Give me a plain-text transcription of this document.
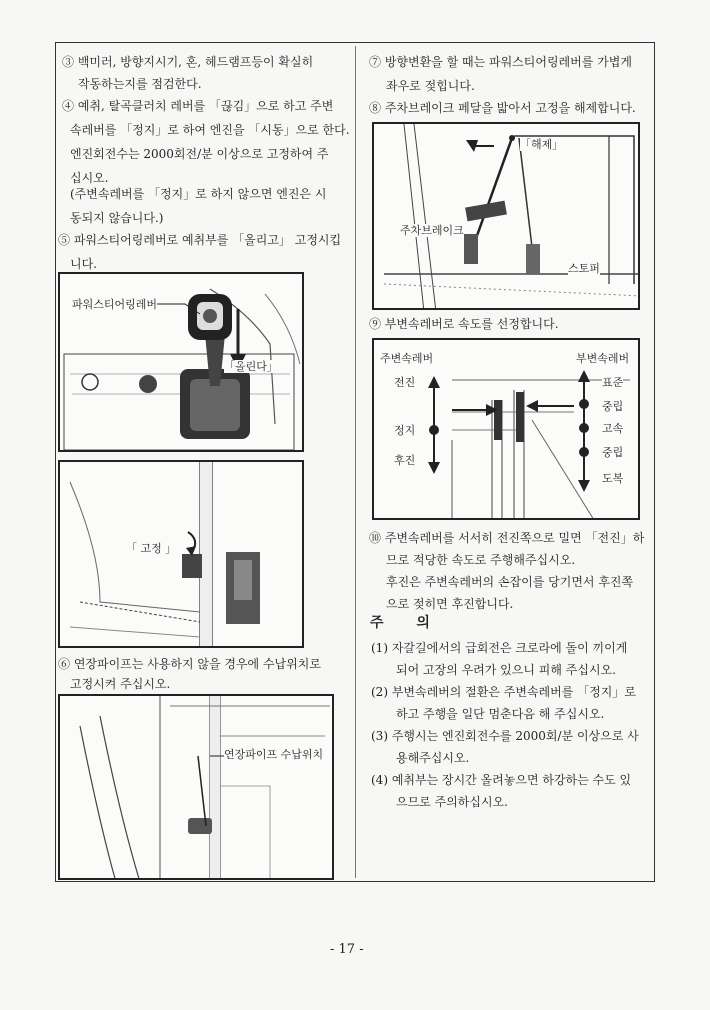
③ 백미러, 방향지시기, 혼, 헤드램프등이 확실히
작동하는지를 점검한다.
④ 예취, 탈곡클러치 레버를 「끊김」으로 하고 주변
속레버를 「정지」로 하여 엔진을 「시동」으로 한다.
엔진회전수는 2000회전/분 이상으로 고정하여 주
십시오.
(주변속레버를 「정지」로 하지 않으면 엔진은 시
동되지 않습니다.)
⑤ 파워스티어링레버로 예취부를 「올리고」 고정시킵
니다.
파워스티어링레버
「올린다」
「 고정 」
⑥ 연장파이프는 사용하지 않을 경우에 수납위치로
고정시켜 주십시오.
연장파이프 수납위치
⑦ 방향변환을 할 때는 파워스티어링레버를 가볍게
좌우로 젖힙니다.
⑧ 주차브레이크 페달을 밟아서 고정을 해제합니다.
「해제」
주차브레이크
스토퍼
⑨ 부변속레버로 속도를 선정합니다.
주변속레버
전진
정지
후진
부변속레버
표준
중립
고속
중립
도복
⑩ 주변속레버를 서서히 전진쪽으로 밀면 「전진」하
므로 적당한 속도로 주행해주십시오.
후진은 주변속레버의 손잡이를 당기면서 후진쪽
으로 젖히면 후진합니다.
주 의
(1) 자갈길에서의 급회전은 크로라에 돌이 끼이게
되어 고장의 우려가 있으니 피해 주십시오.
(2) 부변속레버의 절환은 주변속레버를 「정지」로
하고 주행을 일단 멈춘다음 해 주십시오.
(3) 주행시는 엔진회전수를 2000회/분 이상으로 사
용해주십시오.
(4) 예취부는 장시간 올려놓으면 하강하는 수도 있
으므로 주의하십시오.
- 17 -
